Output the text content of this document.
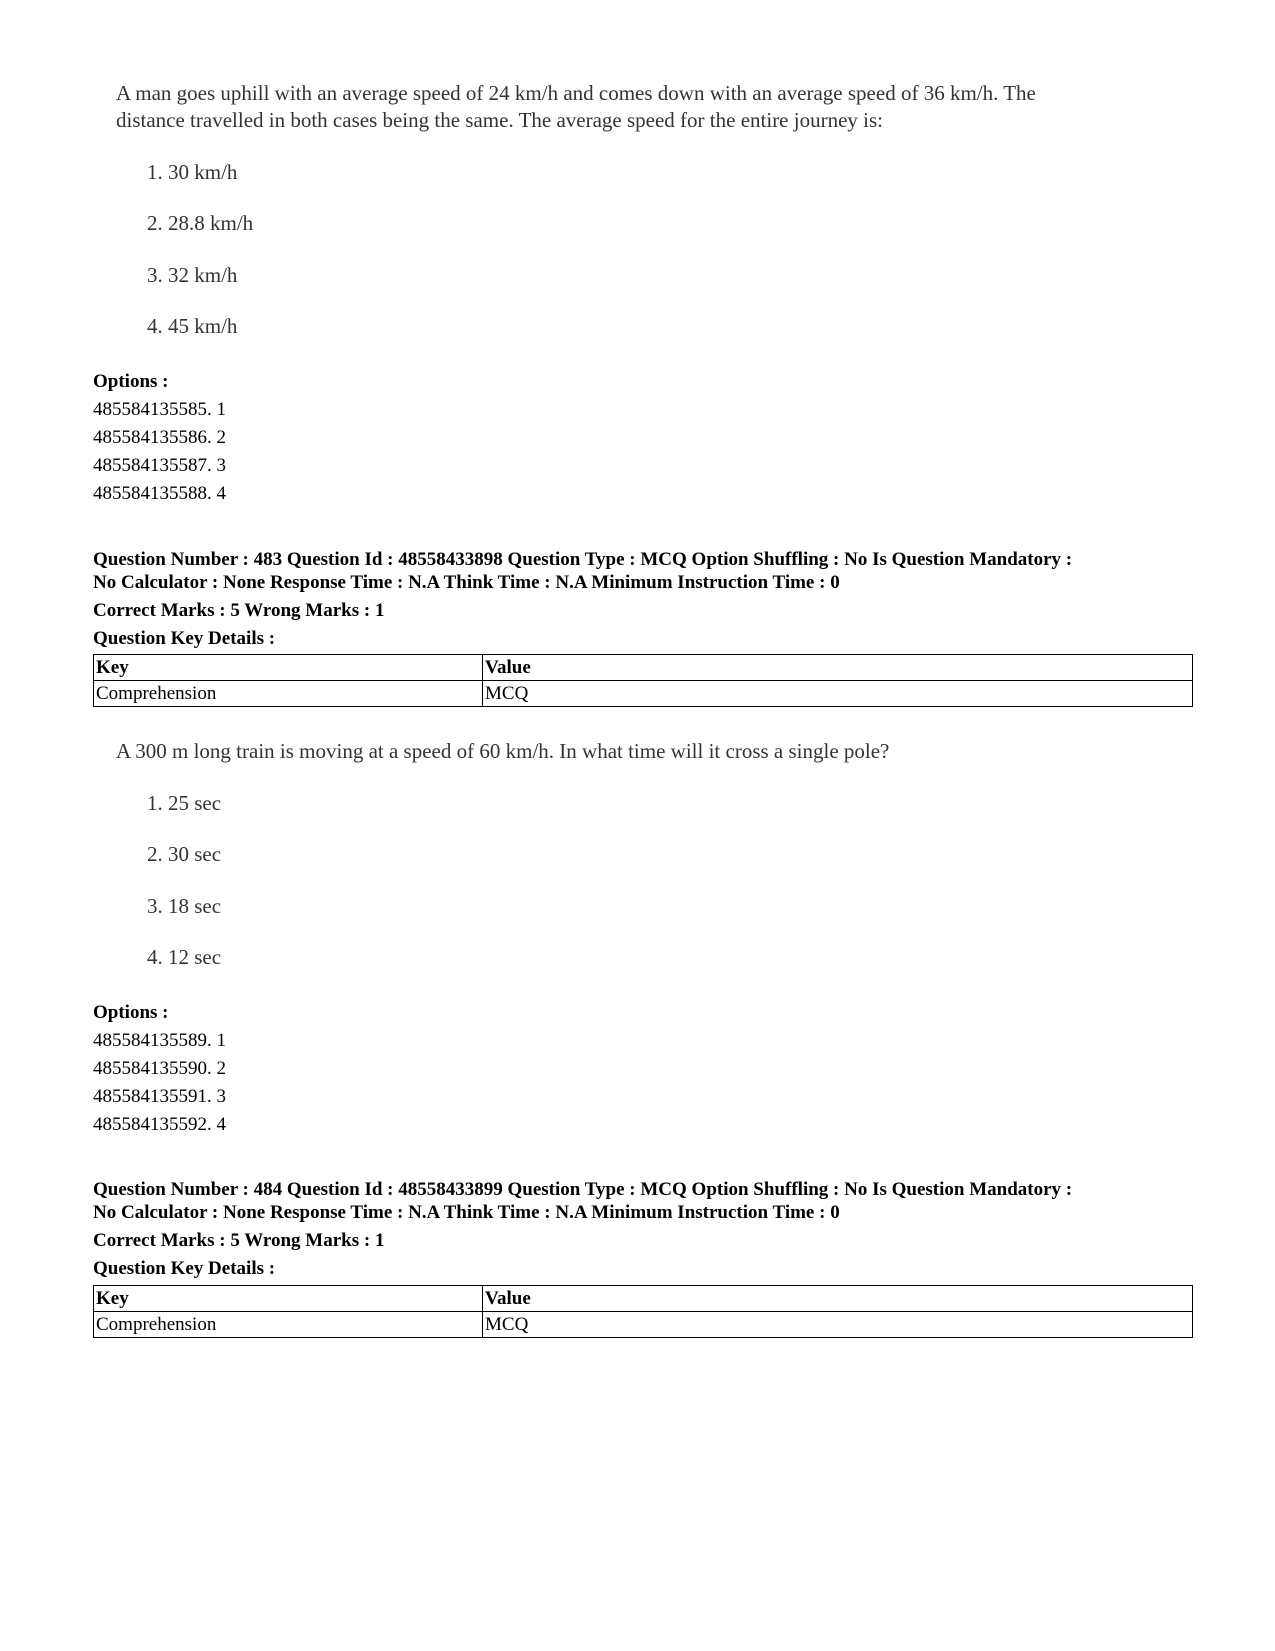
A man goes uphill with an average speed of 24 km/h and comes down with an average speed of 36 km/h. The
distance travelled in both cases being the same. The average speed for the entire journey is:
1. 30 km/h
2. 28.8 km/h
3. 32 km/h
4. 45 km/h
Options :
485584135585. 1
485584135586. 2
485584135587. 3
485584135588. 4
Question Number : 483 Question Id : 48558433898 Question Type : MCQ Option Shuffling : No Is Question Mandatory :
No Calculator : None Response Time : N.A Think Time : N.A Minimum Instruction Time : 0
Correct Marks : 5 Wrong Marks : 1
Question Key Details :
Key	Value
Comprehension	MCQ
A 300 m long train is moving at a speed of 60 km/h. In what time will it cross a single pole?
1. 25 sec
2. 30 sec
3. 18 sec
4. 12 sec
Options :
485584135589. 1
485584135590. 2
485584135591. 3
485584135592. 4
Question Number : 484 Question Id : 48558433899 Question Type : MCQ Option Shuffling : No Is Question Mandatory :
No Calculator : None Response Time : N.A Think Time : N.A Minimum Instruction Time : 0
Correct Marks : 5 Wrong Marks : 1
Question Key Details :
Key	Value
Comprehension	MCQ
